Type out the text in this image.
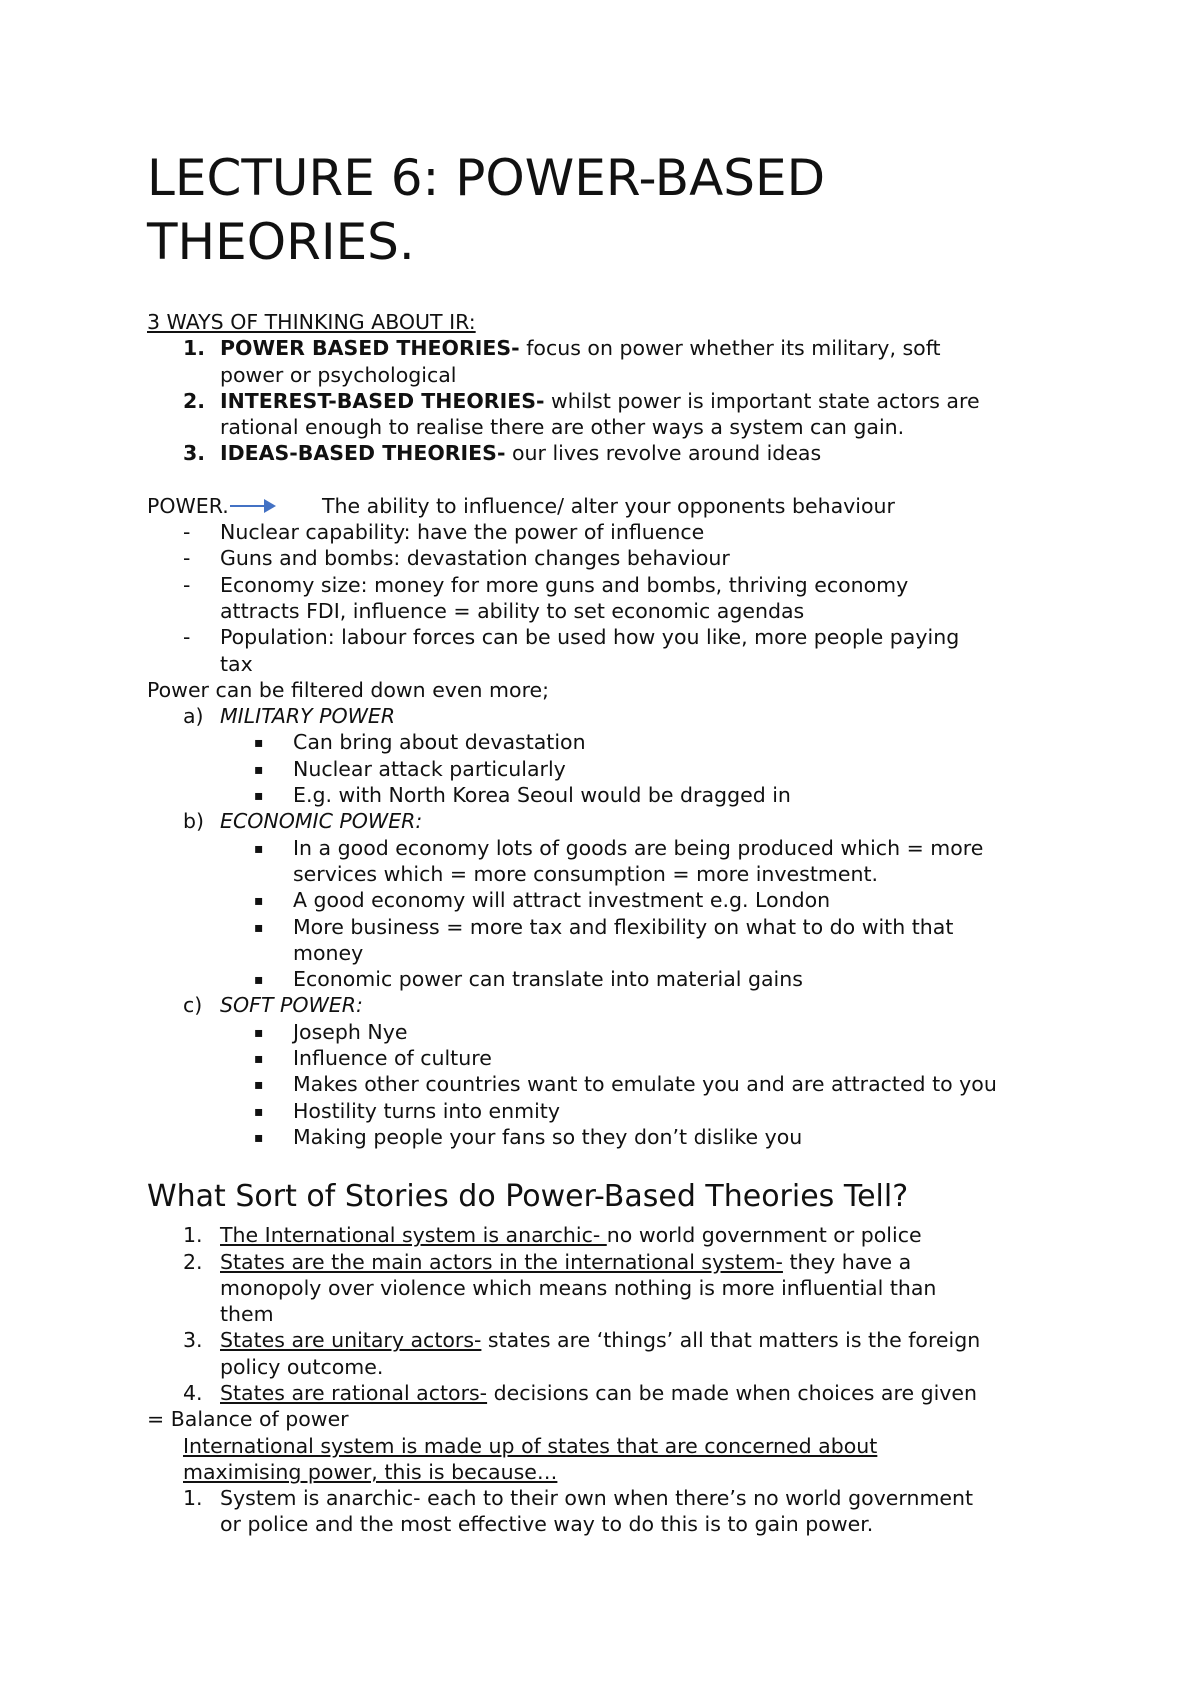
LECTURE 6: POWER-BASED
THEORIES.
3 WAYS OF THINKING ABOUT IR:
1. POWER BASED THEORIES- focus on power whether its military, soft
power or psychological
2. INTEREST-BASED THEORIES- whilst power is important state actors are
rational enough to realise there are other ways a system can gain.
3. IDEAS-BASED THEORIES- our lives revolve around ideas
POWER.	The ability to influence/ alter your opponents behaviour
-	Nuclear capability: have the power of influence
-	Guns and bombs: devastation changes behaviour
-	Economy size: money for more guns and bombs, thriving economy
attracts FDI, influence = ability to set economic agendas
-	Population: labour forces can be used how you like, more people paying
tax
Power can be filtered down even more;
a) MILITARY POWER
▪	Can bring about devastation
▪	Nuclear attack particularly
▪	E.g. with North Korea Seoul would be dragged in
b) ECONOMIC POWER:
▪	In a good economy lots of goods are being produced which = more
services which = more consumption = more investment.
▪	A good economy will attract investment e.g. London
▪	More business = more tax and flexibility on what to do with that
money
▪	Economic power can translate into material gains
c) SOFT POWER:
▪	Joseph Nye
▪	Influence of culture
▪	Makes other countries want to emulate you and are attracted to you
▪	Hostility turns into enmity
▪	Making people your fans so they don’t dislike you
What Sort of Stories do Power-Based Theories Tell?
1. The International system is anarchic- no world government or police
2. States are the main actors in the international system- they have a
monopoly over violence which means nothing is more influential than
them
3. States are unitary actors- states are ‘things’ all that matters is the foreign
policy outcome.
4. States are rational actors- decisions can be made when choices are given
= Balance of power
International system is made up of states that are concerned about
maximising power, this is because…
1. System is anarchic- each to their own when there’s no world government
or police and the most effective way to do this is to gain power.
